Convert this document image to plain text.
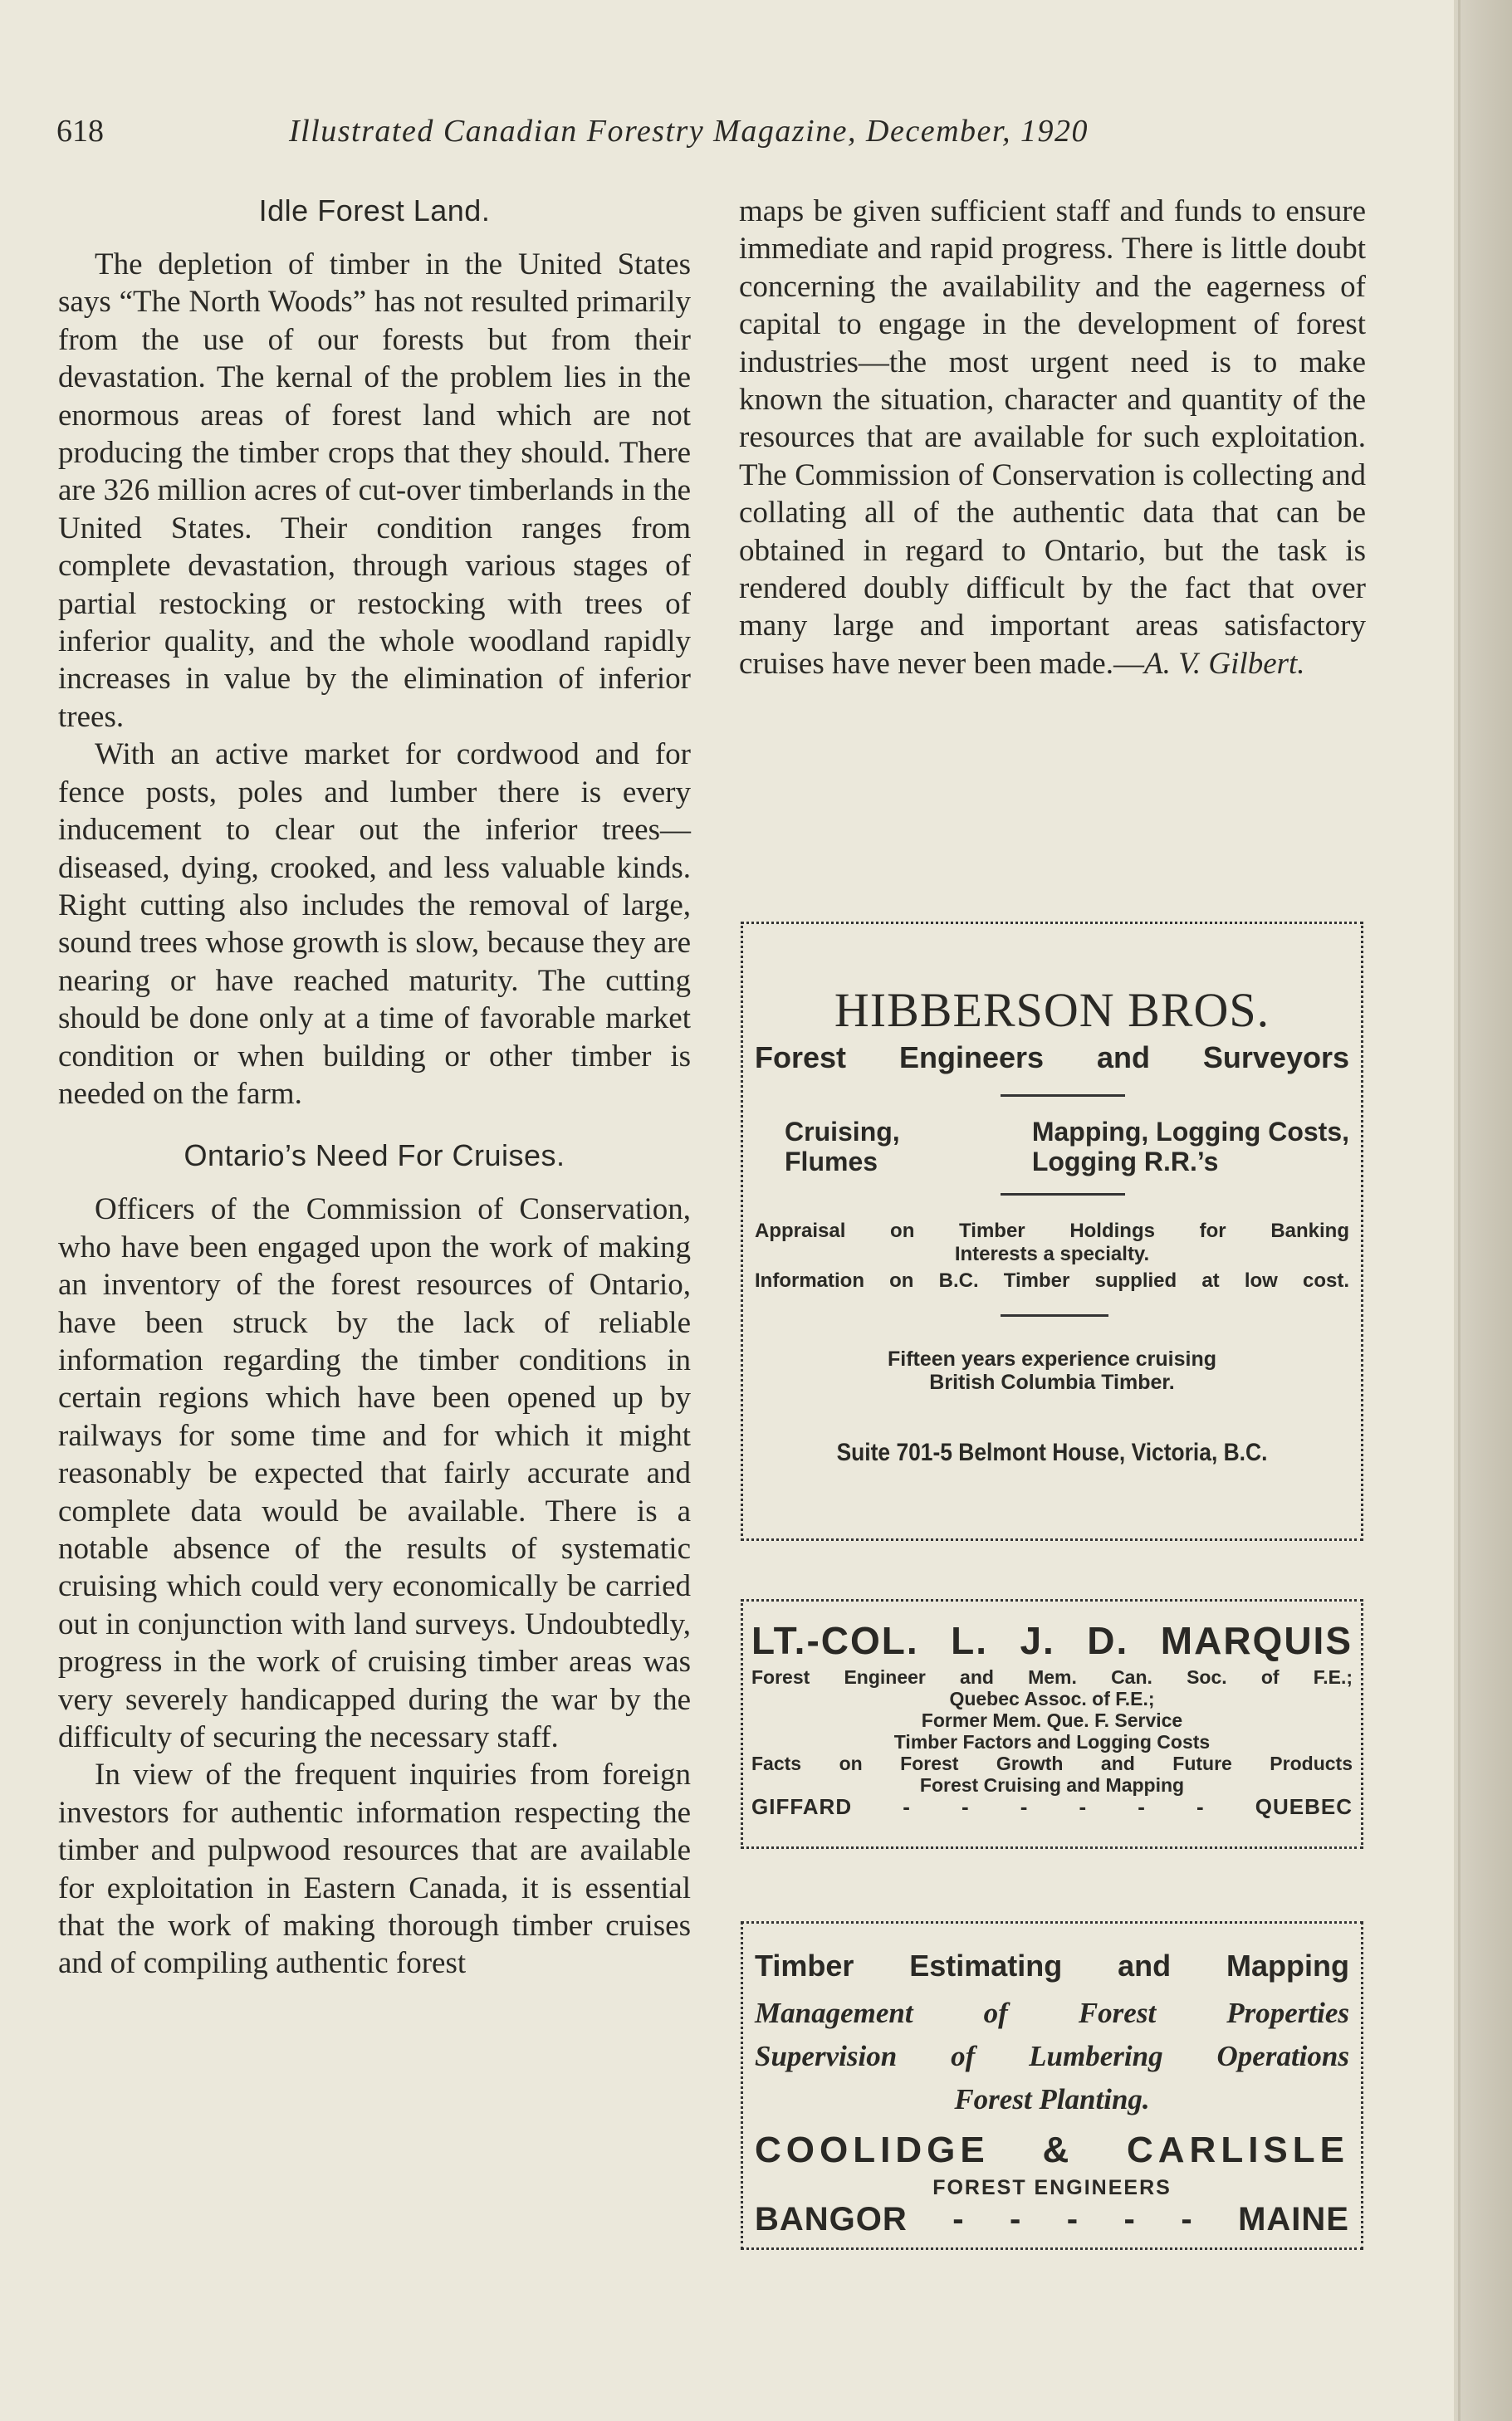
618	Illustrated Canadian Forestry Magazine, December, 1920
Idle Forest Land.

The depletion of timber in the United States says “The North Woods” has not resulted primarily from the use of our forests but from their devastation. The kernal of the problem lies in the enormous areas of forest land which are not producing the timber crops that they should. There are 326 million acres of cut-over timberlands in the United States. Their condition ranges from complete devastation, through various stages of partial restocking or restocking with trees of inferior quality, and the whole woodland rapidly increases in value by the elimination of inferior trees.

With an active market for cordwood and for fence posts, poles and lumber there is every inducement to clear out the inferior trees—diseased, dying, crooked, and less valuable kinds. Right cutting also includes the removal of large, sound trees whose growth is slow, because they are nearing or have reached maturity. The cutting should be done only at a time of favorable market condition or when building or other timber is needed on the farm.

Ontario’s Need For Cruises.

Officers of the Commission of Conservation, who have been engaged upon the work of making an inventory of the forest resources of Ontario, have been struck by the lack of reliable information regarding the timber conditions in certain regions which have been opened up by railways for some time and for which it might reasonably be expected that fairly accurate and complete data would be available. There is a notable absence of the results of systematic cruising which could very economically be carried out in conjunction with land surveys. Undoubtedly, progress in the work of cruising timber areas was very severely handicapped during the war by the difficulty of securing the necessary staff.

In view of the frequent inquiries from foreign investors for authentic information respecting the timber and pulpwood resources that are available for exploitation in Eastern Canada, it is essential that the work of making thorough timber cruises and of compiling authentic forest

maps be given sufficient staff and funds to ensure immediate and rapid progress. There is little doubt concerning the availability and the eagerness of capital to engage in the development of forest industries—the most urgent need is to make known the situation, character and quantity of the resources that are available for such exploitation. The Commission of Conservation is collecting and collating all of the authentic data that can be obtained in regard to Ontario, but the task is rendered doubly difficult by the fact that over many large and important areas satisfactory cruises have never been made.—A. V. Gilbert.

HIBBERSON BROS.
Forest Engineers and Surveyors
Cruising,
Flumes
Mapping, Logging Costs,
Logging R.R.’s
Appraisal on Timber Holdings for Banking
Interests a specialty.
Information on B.C. Timber supplied at low cost.
Fifteen years experience cruising
British Columbia Timber.
Suite 701-5 Belmont House, Victoria, B.C.
LT.-COL. L. J. D. MARQUIS
Forest Engineer and Mem. Can. Soc. of F.E.;
Quebec Assoc. of F.E.;
Former Mem. Que. F. Service
Timber Factors and Logging Costs
Facts on Forest Growth and Future Products
Forest Cruising and Mapping
GIFFARD - - - - - - QUEBEC
Timber Estimating and Mapping
Management of Forest Properties
Supervision of Lumbering Operations
Forest Planting.
COOLIDGE & CARLISLE
FOREST ENGINEERS
BANGOR - - - - - MAINE
